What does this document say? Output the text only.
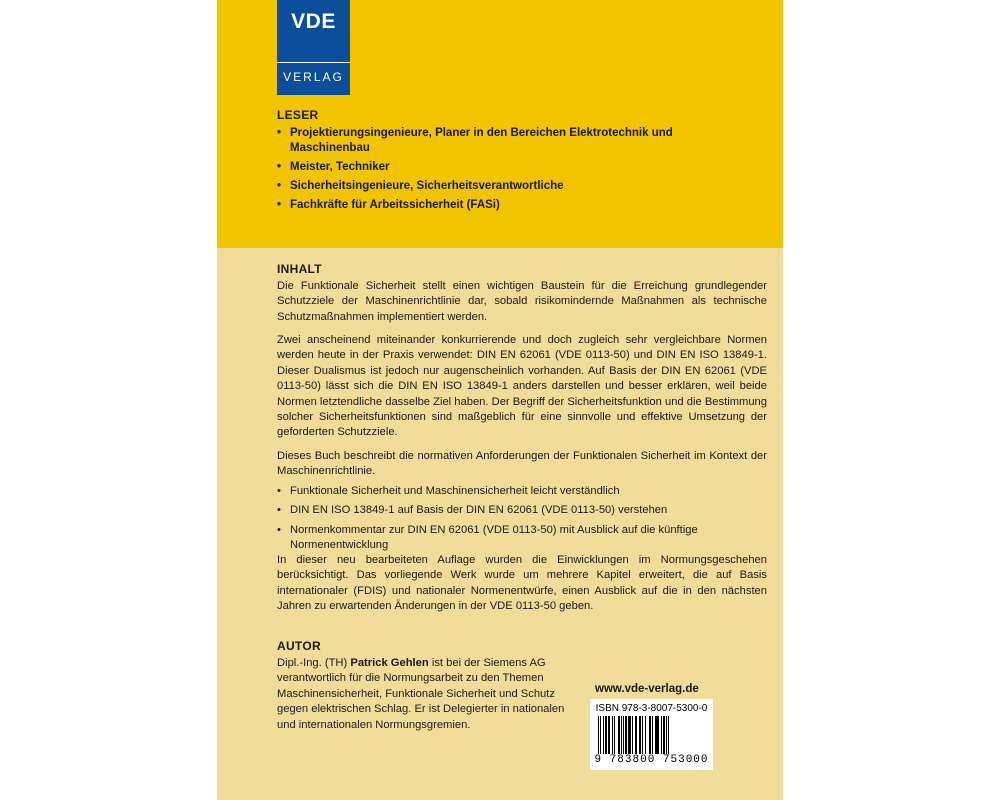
VDE
VERLAG
LESER
• Projektierungsingenieure, Planer in den Bereichen Elektrotechnik und Maschinenbau
• Meister, Techniker
• Sicherheitsingenieure, Sicherheitsverantwortliche
• Fachkräfte für Arbeitssicherheit (FASi)
INHALT

Die Funktionale Sicherheit stellt einen wichtigen Baustein für die Erreichung grundlegender Schutzziele der Maschinenrichtlinie dar, sobald risikomindernde Maßnahmen als technische Schutzmaßnahmen implementiert werden.

Zwei anscheinend miteinander konkurrierende und doch zugleich sehr vergleichbare Normen werden heute in der Praxis verwendet: DIN EN 62061 (VDE 0113-50) und DIN EN ISO 13849-1. Dieser Dualismus ist jedoch nur augenscheinlich vorhanden. Auf Basis der DIN EN 62061 (VDE 0113-50) lässt sich die DIN EN ISO 13849-1 anders darstellen und besser erklären, weil beide Normen letztendliche dasselbe Ziel haben. Der Begriff der Sicherheitsfunktion und die Bestimmung solcher Sicherheitsfunktionen sind maßgeblich für eine sinnvolle und effektive Umsetzung der geforderten Schutzziele.

Dieses Buch beschreibt die normativen Anforderungen der Funktionalen Sicherheit im Kontext der Maschinenrichtlinie.

• Funktionale Sicherheit und Maschinensicherheit leicht verständlich
• DIN EN ISO 13849-1 auf Basis der DIN EN 62061 (VDE 0113-50) verstehen
• Normenkommentar zur DIN EN 62061 (VDE 0113-50) mit Ausblick auf die künftige Normenentwicklung

In dieser neu bearbeiteten Auflage wurden die Einwicklungen im Normungsgeschehen berücksichtigt. Das vorliegende Werk wurde um mehrere Kapitel erweitert, die auf Basis internationaler (FDIS) und nationaler Normenentwürfe, einen Ausblick auf die in den nächsten Jahren zu erwartenden Änderungen in der VDE 0113-50 geben.

AUTOR

Dipl.-Ing. (TH) Patrick Gehlen ist bei der Siemens AG verantwortlich für die Normungsarbeit zu den Themen Maschinensicherheit, Funktionale Sicherheit und Schutz gegen elektrischen Schlag. Er ist Delegierter in nationalen und internationalen Normungsgremien.

www.vde-verlag.de
ISBN 978-3-8007-5300-0
9 783800 753000
